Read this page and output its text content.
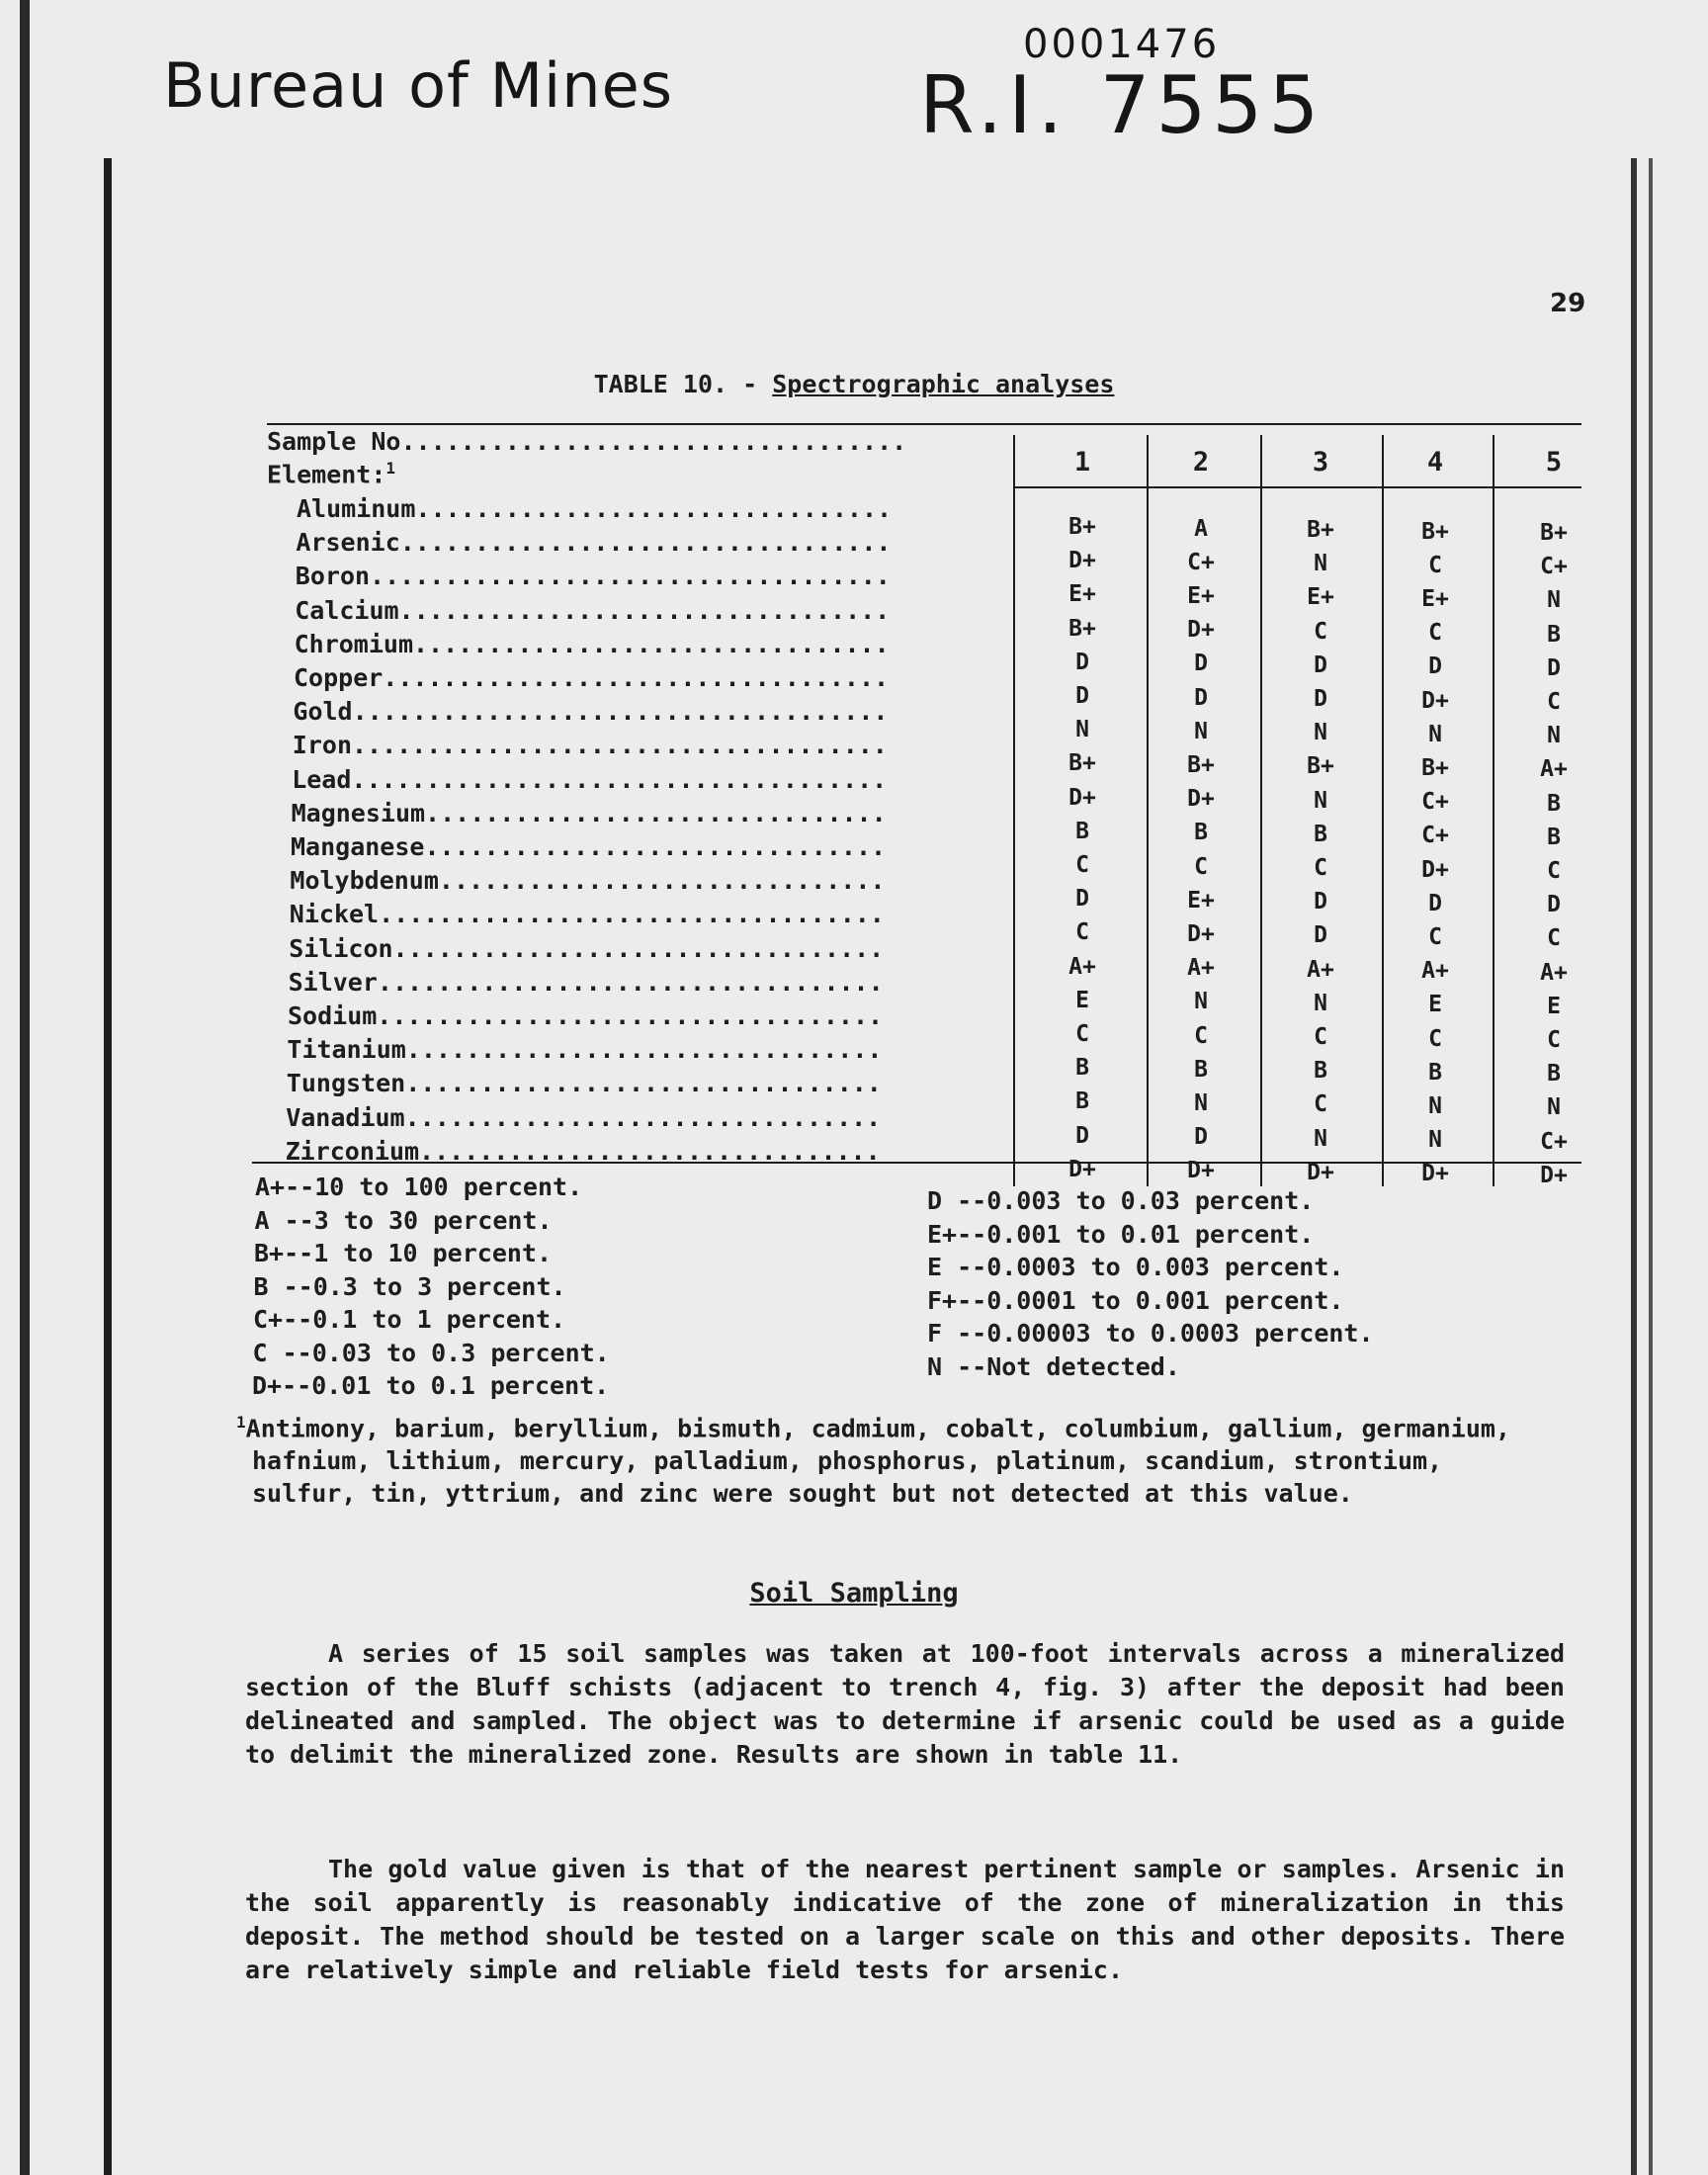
Bureau of Mines
0001476
R.I. 7555
29
TABLE 10. - Spectrographic analyses
Sample No..................................
Element:$^1$	1	2	3	4	5
Aluminum................................
B+	A	B+	B+	B+
Arsenic.................................
D+	C+	N	C	C+
Boron...................................
E+	E+	E+	E+	N
Calcium.................................
B+	D+	C	C	B
Chromium................................
D	D	D	D	D
Copper..................................
D	D	D	D+	C
Gold....................................
N	N	N	N	N
Iron....................................
B+	B+	B+	B+	A+
Lead....................................
D+	D+	N	C+	B
Magnesium...............................
B	B	B	C+	B
Manganese...............................
C	C	C	D+	C
Molybdenum..............................
D	E+	D	D	D
Nickel..................................
C	D+	D	C	C
Silicon.................................
A+	A+	A+	A+	A+
Silver..................................
E	N	N	E	E
Sodium..................................
C	C	C	C	C
Titanium................................
B	B	B	B	B
Tungsten................................
B	N	C	N	N
Vanadium................................
D	D	N	N	C+
Zirconium...............................
D+	D+	D+	D+	D+
A+--10 to 100 percent.
A --3 to 30 percent.
B+--1 to 10 percent.
B --0.3 to 3 percent.
C+--0.1 to 1 percent.
C --0.03 to 0.3 percent.
D+--0.01 to 0.1 percent.
D --0.003 to 0.03 percent.
E+--0.001 to 0.01 percent.
E --0.0003 to 0.003 percent.
F+--0.0001 to 0.001 percent.
F --0.00003 to 0.0003 percent.
N --Not detected.
$^1$Antimony, barium, beryllium, bismuth, cadmium, cobalt, columbium, gallium, germanium, hafnium, lithium, mercury, palladium, phosphorus, platinum, scandium, strontium, sulfur, tin, yttrium, and zinc were sought but not detected at this value.
Soil Sampling
A series of 15 soil samples was taken at 100-foot intervals across a mineralized section of the Bluff schists (adjacent to trench 4, fig. 3) after the deposit had been delineated and sampled. The object was to determine if arsenic could be used as a guide to delimit the mineralized zone. Results are shown in table 11.
The gold value given is that of the nearest pertinent sample or samples. Arsenic in the soil apparently is reasonably indicative of the zone of mineralization in this deposit. The method should be tested on a larger scale on this and other deposits. There are relatively simple and reliable field tests for arsenic.
